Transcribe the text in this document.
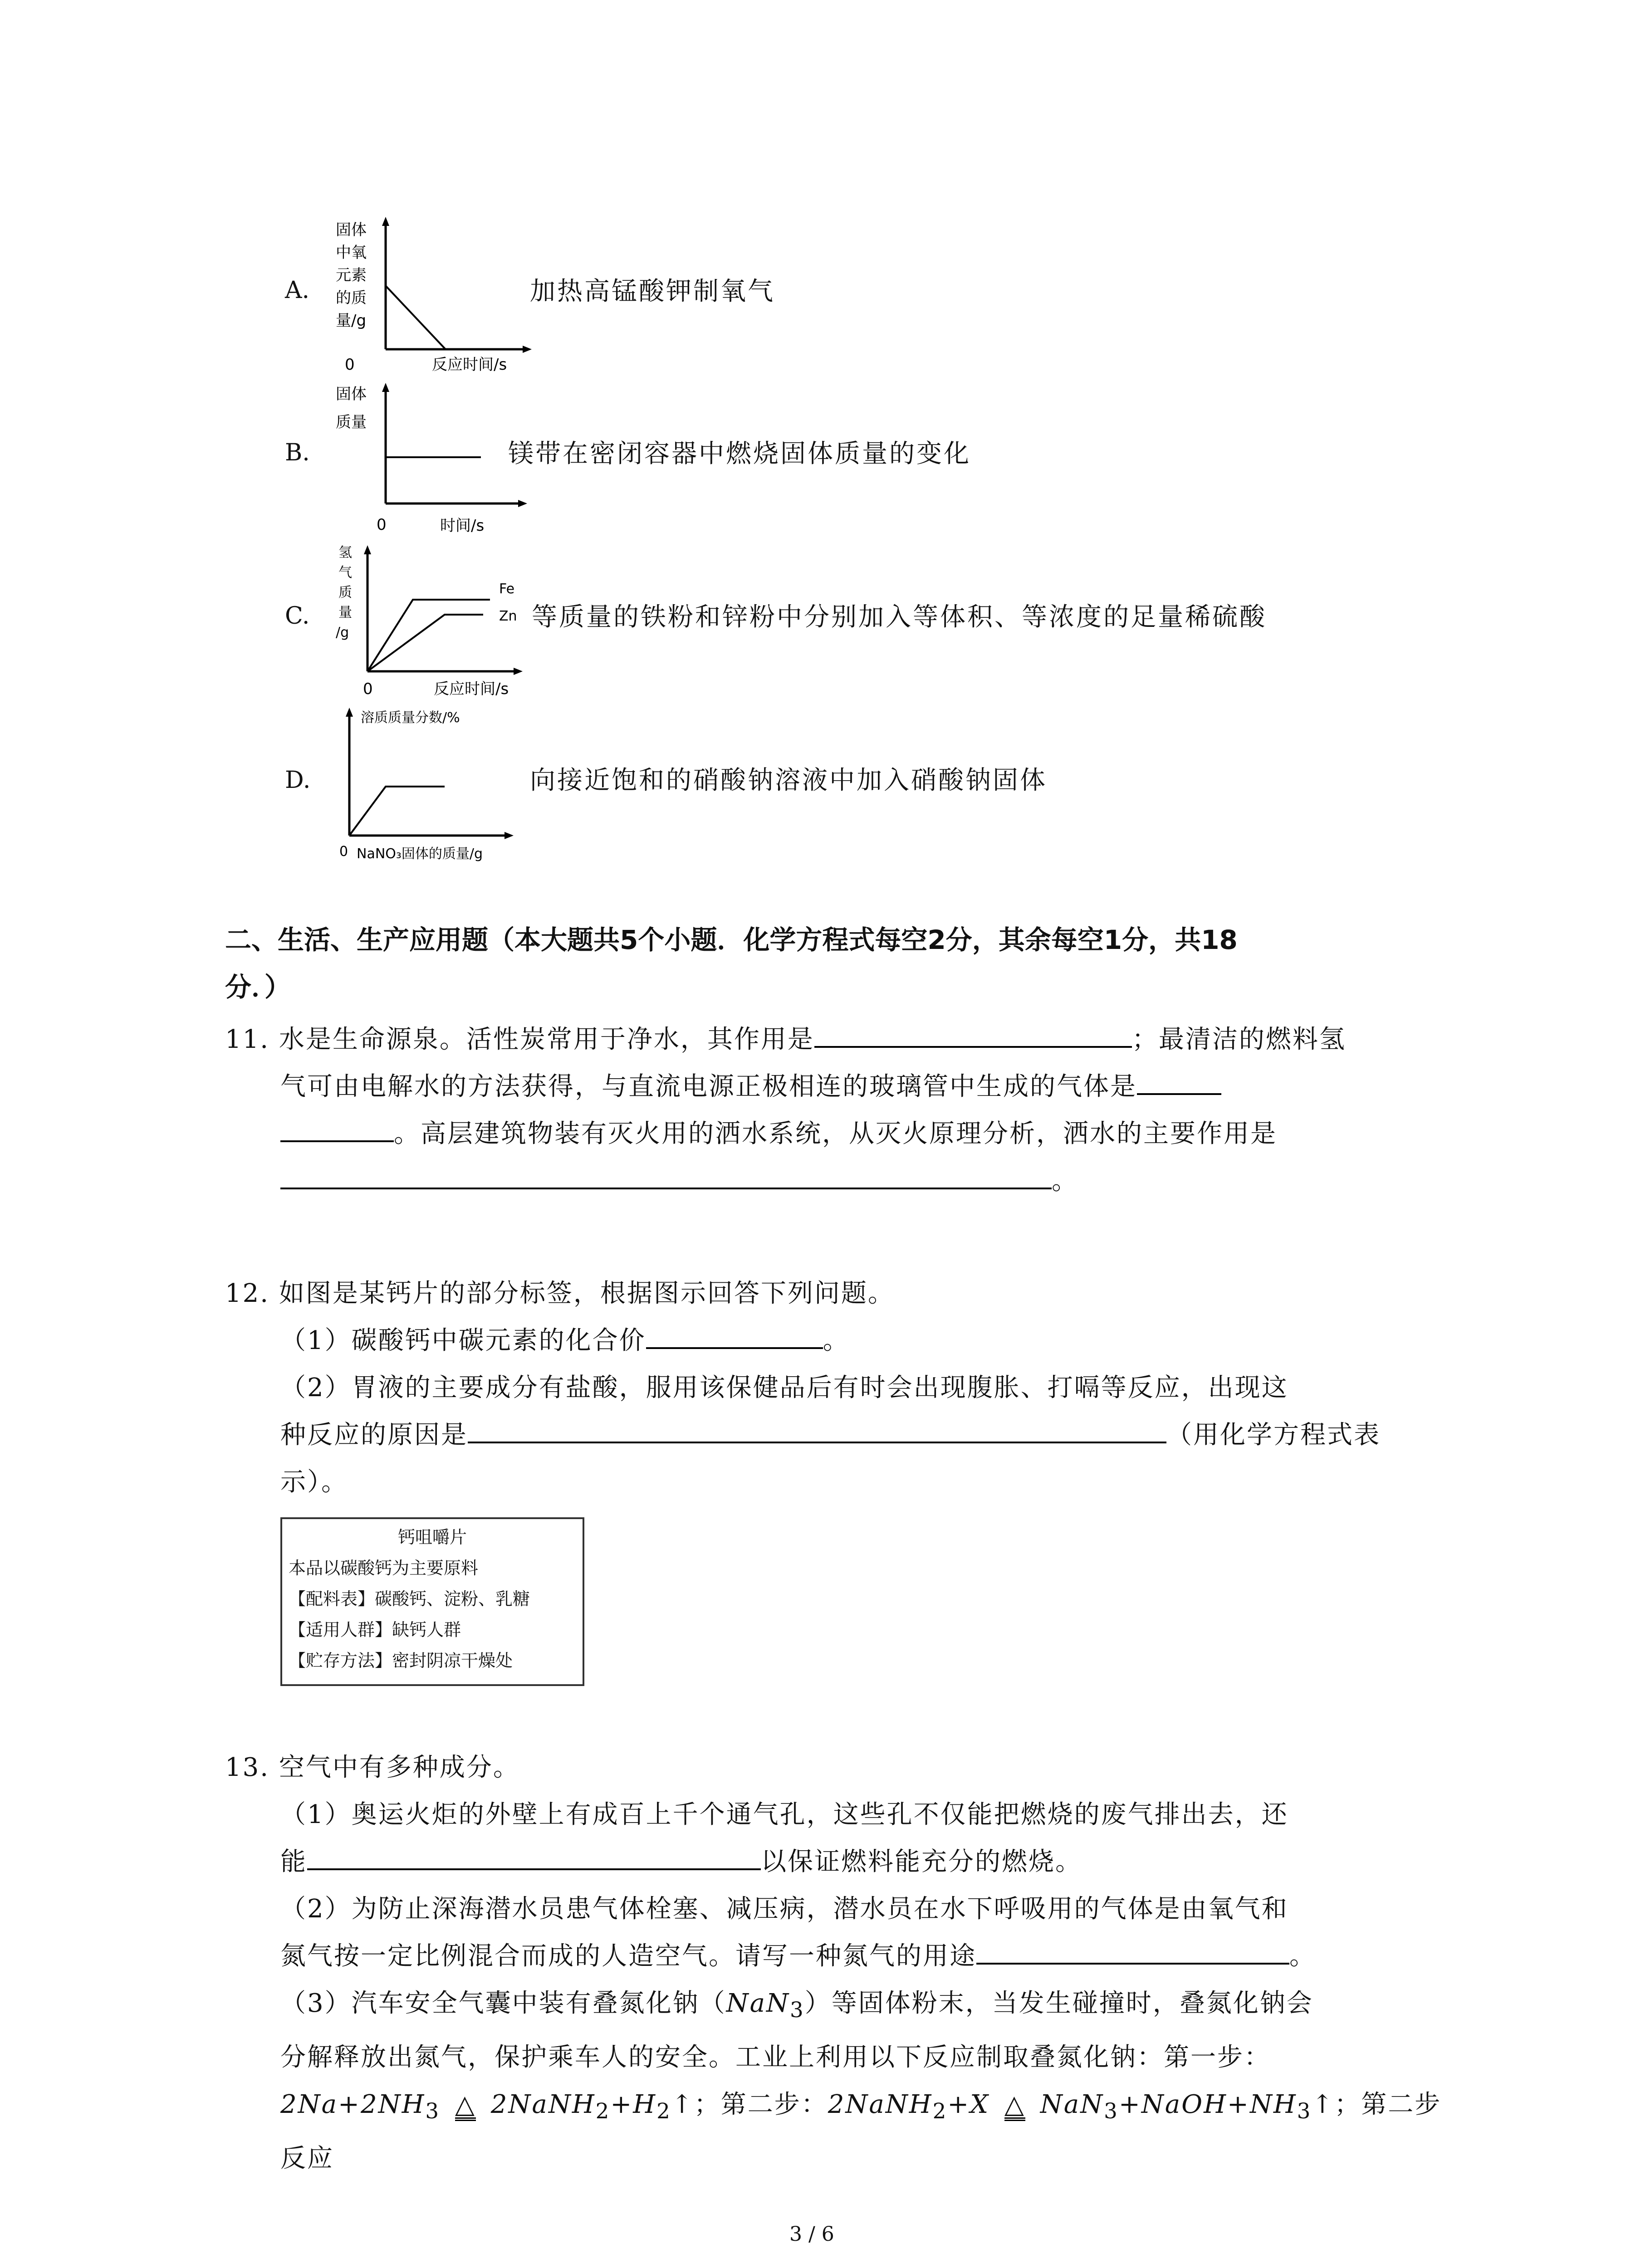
A.
固体
中氧
元素
的质
量/g
0	反应时间/s
加热高锰酸钾制氧气
B.
固体
质量
0	时间/s
镁带在密闭容器中燃烧固体质量的变化
C.
Fe
Zn
氢
气
质
量
/g
0	反应时间/s
等质量的铁粉和锌粉中分别加入等体积、等浓度的足量稀硫酸
D.
溶质质量分数/%
0 NaNO₃固体的质量/g
向接近饱和的硝酸钠溶液中加入硝酸钠固体
二、生活、生产应用题（本大题共5个小题．化学方程式每空2分，其余每空1分，共18
分．）
11. 水是生命源泉。活性炭常用于净水，其作用是	；最清洁的燃料氢
气可由电解水的方法获得，与直流电源正极相连的玻璃管中生成的气体是
。高层建筑物装有灭火用的洒水系统，从灭火原理分析，洒水的主要作用是
。
12. 如图是某钙片的部分标签，根据图示回答下列问题。
（1）碳酸钙中碳元素的化合价	。
（2）胃液的主要成分有盐酸，服用该保健品后有时会出现腹胀、打嗝等反应，出现这
种反应的原因是	（用化学方程式表
示）。
钙咀嚼片
本品以碳酸钙为主要原料
【配料表】碳酸钙、淀粉、乳糖
【适用人群】缺钙人群
【贮存方法】密封阴凉干燥处
13. 空气中有多种成分。
（1）奥运火炬的外壁上有成百上千个通气孔，这些孔不仅能把燃烧的废气排出去，还
能	以保证燃料能充分的燃烧。
（2）为防止深海潜水员患气体栓塞、减压病，潜水员在水下呼吸用的气体是由氧气和
氮气按一定比例混合而成的人造空气。请写一种氮气的用途	。
（3）汽车安全气囊中装有叠氮化钠（NaN$_3$）等固体粉末，当发生碰撞时，叠氮化钠会
分解释放出氮气，保护乘车人的安全。工业上利用以下反应制取叠氮化钠：第一步：
$2Na+2NH_3$ △ $2NaNH_2+H_2↑$；第二步：2NaNH$_2$+X △ $NaN_3+NaOH+NH_3↑$；第二步反应
3 / 6
